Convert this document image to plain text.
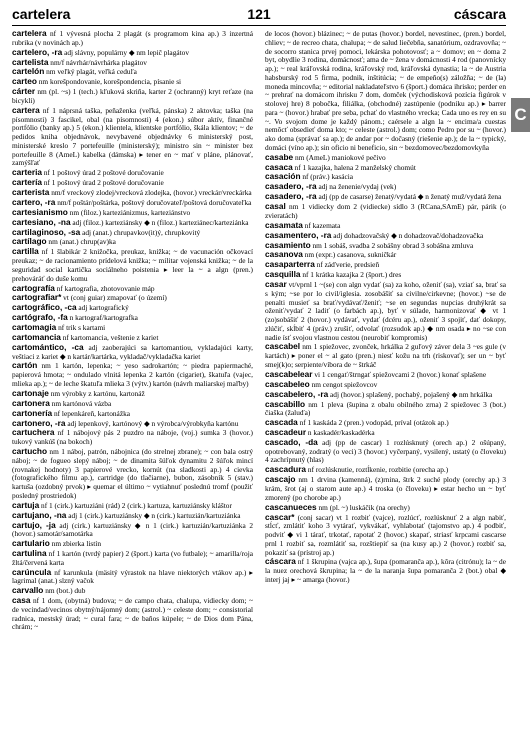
cartelera	121	cáscara

cartelera nf 1 vývesná plocha 2 plagát (s programom kina ap.) 3 inzertná rubrika (v novinách ap.)

cartelero, -ra adj slávny, populárny ◆ nm lepič plagátov

cartelista nm/f návrhár/návrhárka plagátov

cartelón nm veľký plagát, veľká ceduľa

carteo nm korešpondovanie, korešpondencia, písanie si

cárter nm (pl. ~s) 1 (tech.) kľuková skriňa, karter 2 (ochranný) kryt reťaze (na bicykli)

cartera nf 1 náprsná taška, peňaženka (veľká, pánska) 2 aktovka; taška (na písomnosti) 3 fascikel, obal (na písomnosti) 4 (ekon.) súbor aktív, finančné portfólio (banky ap.) 5 (ekon.) klientela, klientske portfólio, škála klientov; ~ de pedidos kniha objednávok, nevybavené objednávky 6 ministerský post, ministerské kreslo 7 portefeuille (ministerský); ministro sin ~ minister bez portefeuille 8 (AmeL) kabelka (dámska) ▸ tener en ~ mať v pláne, plánovať, zamýšľať

carteria nf 1 poštový úrad 2 poštové doručovanie

cartería nf 1 poštový úrad 2 poštové doručovanie

carterista nm/f vreckový zlodej/vrecková zlodejka, (hovor.) vreckár/vreckárka

cartero, -ra nm/f poštár/poštárka, poštový doručovateľ/poštová doručovateľka

cartesianismo nm (filoz.) karteziánizmus, karteziánstvo

cartesiano, -na adj (filoz.) karteziánsky ◆ n (filoz.) karteziánec/karteziánka

cartilaginoso, -sa adj (anat.) chrupavkov(it)ý, chrupkovitý

cartílago nm (anat.) chrup(av)ka

cartilla nf 1 šlabikár 2 knižočka, preukaz, knižka; ~ de vacunación očkovací preukaz; ~ de racionamiento prídelová knižka; ~ militar vojenská knižka; ~ de la seguridad social kartička sociálneho poistenia ▸ leer la ~ a algn (pren.) prehováráť do duše komu

cartografía nf kartografia, zhotovovanie máp

cartografiar* vt (conj guiar) zmapovať (o území)

cartográfico, -ca adj kartografický

cartógrafo, -fa n kartograf/kartografka

cartomagia nf trik s kartami

cartomancia nf kartomancia, veštenie z kariet

cartomántico, -ca adj zaoberajúci sa kartomantiou, vykladajúci karty, veštiaci z kariet ◆ n kartár/kartárka, vykladač/vykladačka kariet

cartón nm 1 kartón, lepenka; ~ yeso sadrokartón; ~ piedra papiermaché, papierová hmota; ~ ondulado vlnitá lepenka 2 kartón (cigariet), škatuľa (vajec, mlieka ap.); ~ de leche škatuľa mlieka 3 (výtv.) kartón (návrh maliarskej maľby)

cartonaje nm výrobky z kartónu, kartonáž

cartonera nm kartónová vázba

cartonería nf lepenkáreň, kartonážka

cartonero, -ra adj lepenkový, kartónový ◆ n výrobca/výrobkyňa kartónu

cartuchera nf 1 nábojový pás 2 puzdro na náboje, (voj.) sumka 3 (hovor.) tukový vankúš (na bokoch)

cartucho nm 1 náboj, patrón, nábojnica (do strelnej zbrane); ~ con bala ostrý náboj; ~ de fogueo slepý náboj; ~ de dinamita šúľok dynamitu 2 šúľok mincí (rovnakej hodnoty) 3 papierové vrecko, kornút (na sladkosti ap.) 4 cievka (fotografického filmu ap.), cartridge (do tlačiarne), bubon, zásobník 5 (stav.) kartuša (ozdobný prvok) ▸ quemar el último ~ vytiahnuť poslednú tromf (použiť posledný prostriedok)

cartuja nf 1 (cirk.) kartuziáni (rád) 2 (cirk.) kartuza, kartuziánsky kláštor

cartujano, -na adj 1 (cirk.) kartuziánsky ◆ n (cirk.) kartuzián/kartuziánka

cartujo, -ja adj (cirk.) kartuziánsky ◆ n 1 (cirk.) kartuzián/kartuziánka 2 (hovor.) samotár/samotárka

cartulario nm zbierka listín

cartulina nf 1 kartón (tvrdý papier) 2 (šport.) karta (vo futbale); ~ amarilla/roja žltá/červená karta

carúncula nf karunkula (mäsitý výrastok na hlave niektorých vtákov ap.) ▸ lagrimal (anat.) slzný vačok

carvallo nm (bot.) dub

casa nf 1 dom, (obytná) budova; ~ de campo chata, chalupa, vidiecky dom; ~ de vecindad/vecinos obytný/nájomný dom; (astrol.) ~ celeste dom; ~ consistorial radnica, mestský úrad; ~ cural fara; ~ de baños kúpele; ~ de Dios dom Pána, chrám; ~

de locos (hovor.) blázinec; ~ de putas (hovor.) bordel, nevestinec, (pren.) bordel, chliev; ~ de recreo chata, chalupa; ~ de salud liečebňa, sanatórium, ozdravovňa; ~ de socorro stanica prvej pomoci, lekárska pohotovosť; a ~ domov; en ~ doma 2 byt, obydlie 3 rodina, domácnosť; ama de ~ žena v domácnosti 4 rod (panovnícky ap.); ~ real kráľovská rodina, kráľovský rod, kráľovská dynastia; la ~ de Austria habsburský rod 5 firma, podnik, inštitúcia; ~ de empeño(s) záložňa; ~ de (la) moneda mincovňa; ~ editorial nakladateľstvo 6 (šport.) domáca ihrisko; perder en ~ prehrať na domácom ihrisku 7 dom, domček (východisková pozícia figúrok v stolovej hre) 8 pobočka, filiálka, (obchodné) zastúpenie (podniku ap.) ▸ barrer para ~ (hovor.) hrabať pre seba, pchať do vlastného vrecka; Cada uno es rey en su ~. Vo svojom dome je každý pánom.; caérsele a algn la ~ encima/a cuestas nemôcť obsedieť doma kto; ~ celeste (astrol.) dom; como Pedro por su ~ (hovor.) ako doma (správať sa ap.); de andar por ~ dočasný (riešenie ap.); de la ~ typický, domáci (víno ap.); sin oficio ni beneficio, sin ~ bezdomovec/bezdomovkyňa

casabe nm (AmeL) maniokové pečivo

casaca nf 1 kazajka, halena 2 manželský chomút

casación nf (práv.) kasácia

casadero, -ra adj na ženenie/vydaj (vek)

casadero, -ra adj (pp de casarse) ženatý/vydatá ◆ n ženatý muž/vydatá žena

casal nm 1 vidiecky dom 2 (vidiecke) sídlo 3 (RCana,SAmE) pár, párik (o zvieratách)

casamata nf kazemata

casamentero, -ra adj dohadzovačský ◆ n dohadzovač/dohadzovačka

casamiento nm 1 sobáš, svadba 2 sobášny obrad 3 sobášna zmluva

casanova nm (expr.) casanova, sukničkár

casaparterra nf záďverie, predsieň

casquilla nf 1 krátka kazajka 2 (šport.) dres

casar vt/vprnl 1 ~(se) con algn vydať (sa) za koho, oženiť (sa), vziať sa, brať sa s kým; ~se por lo civil/iglesia. zosobášiť sa civilne/cirkevne; (hovor.) ~se de penalti musieť sa brať/vydávať/ženiť; ~se en segundas nupcias druhýkrát sa oženiť/vydať 2 ladiť (o farbách ap.), byť v súlade, harmonizovať ◆ vt 1 (zo)sobášiť 2 (hovor.) vydávať, vydať (dcéru ap.), oženiť 3 spojiť, dať dokopy, zlúčiť, skĺbiť 4 (práv.) zrušiť, odvolať (rozsudok ap.) ◆ nm osada ▸ no ~se con nadie ísť svojou vlastnou cestou (neurobiť kompromis)

cascabel nm 1 spiežovec, zvonček, hrkálka 2 guľový záver dela 3 ~es gule (v kartách) ▸ poner el ~ al gato (pren.) niesť kožu na trh (riskovať); ser un ~ byť smej(k)o; serpiente/víbora de ~ štrkáč

cascabelear vi 1 cengať/štrngať spiežovcami 2 (hovor.) konať splašene

cascabeleo nm cengot spiežovcov

cascabelero, -ra adj (hovor.) splašený, pochabý, pojašený ◆ nm hrkálka

cascabillo nm 1 pleva (šupina z obalu obilného zrna) 2 spiežovec 3 (bot.) čiaška (žaluďa)

cascada nf 1 kaskáda 2 (pren.) vodopád, príval (otázok ap.)

cascadeur n kaskadér/kaskadérka

cascado, -da adj (pp de cascar) 1 rozlúsknutý (orech ap.) 2 ošúpaný, opotrebovaný, zodratý (o veci) 3 (hovor.) vyčerpaný, vysilený, ustatý (o človeku) 4 zachrípnutý (hlas)

cascadura nf rozlúsknutie, roztĺkenie, rozbitie (orecha ap.)

cascajo nm 1 drvina (kamenná), (z)rnina, štrk 2 suché plody (orechy ap.) 3 krám, šrot (aj o starom aute ap.) 4 troska (o človeku) ▸ estar hecho un ~ byť zmorený (po chorobe ap.)

cascanueces nm (pl. ~) luskáčik (na orechy)

cascar* (conj sacar) vt 1 rozbiť (vajce), rozlúcť, rozlúsknuť 2 a algn nabiť, stĺcť, zmlátiť koho 3 vytárať, vykvákať, vyhlabotať (tajomstvo ap.) 4 podbiť, podviť ◆ vi 1 tárať, trkotať, rapotať 2 (hovor.) skapať, striasť krpcami cascarse prnl 1 rozbiť sa, rozmlátiť sa, rozštiepiť sa (na kusy ap.) 2 (hovor.) rozbiť sa, pokaziť sa (prístroj ap.)

cáscara nf 1 škrupina (vajca ap.), šupa (pomaranča ap.), kôra (citrónu); la ~ de la nuez orechová škrupina; la ~ de la naranja šupa pomaranča 2 (bot.) obal ◆ interj jaj ▸ ~ amarga (hovor.)

C
